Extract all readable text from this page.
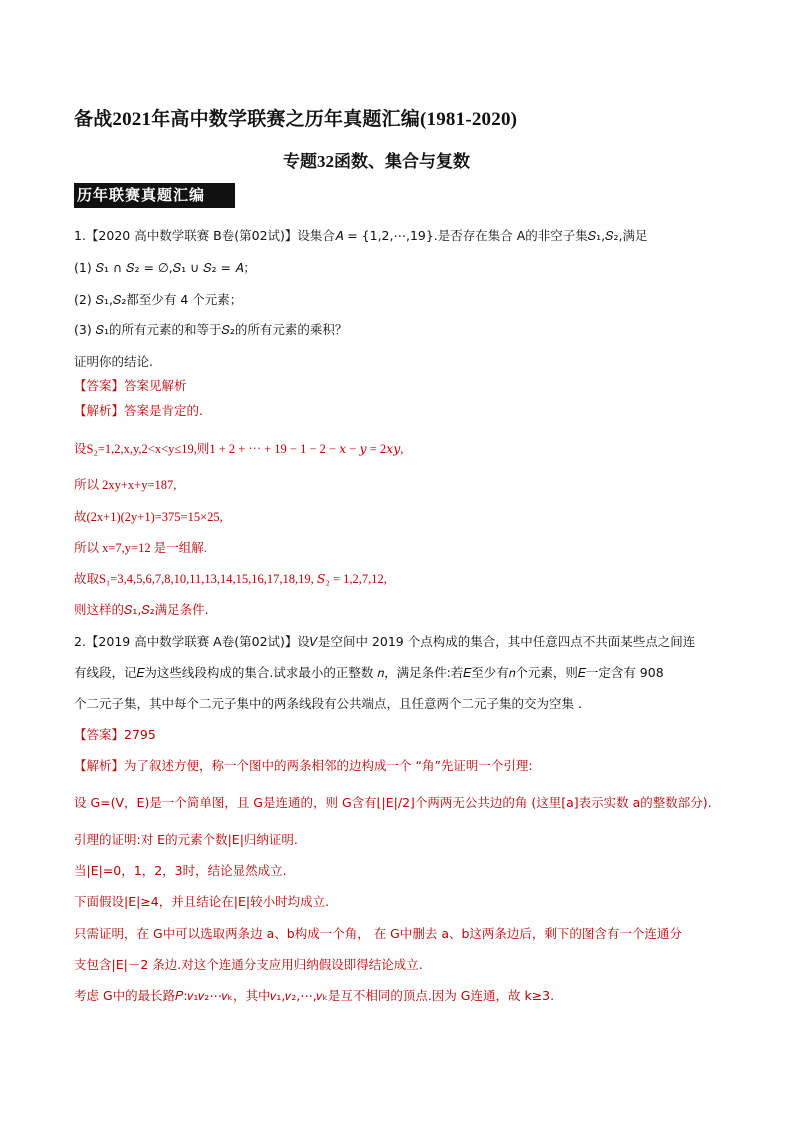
备战2021年高中数学联赛之历年真题汇编(1981-2020)
专题32函数、集合与复数
历年联赛真题汇编
1.【2020 高中数学联赛 B卷(第02试)】设集合𝐴 = {1,2,⋯,19}.是否存在集合 A的非空子集𝑆₁,𝑆₂,满足
(1) 𝑆₁ ∩ 𝑆₂ = ∅,𝑆₁ ∪ 𝑆₂ = 𝐴；
(2) 𝑆₁,𝑆₂都至少有 4 个元素；
(3) 𝑆₁的所有元素的和等于𝑆₂的所有元素的乘积？
证明你的结论.
【答案】答案见解析
【解析】答案是肯定的.
设S₂=1,2,x,y,2<x<y≤19,则1 + 2 + ⋯ + 19 − 1 − 2 − 𝑥 − 𝑦 = 2𝑥𝑦,
所以 2xy+x+y=187,
故(2x+1)(2y+1)=375=15×25,
所以 x=7,y=12 是一组解.
故取S₁=3,4,5,6,7,8,10,11,13,14,15,16,17,18,19, 𝑆₂ = 1,2,7,12,
则这样的𝑆₁,𝑆₂满足条件.
2.【2019 高中数学联赛 A卷(第02试)】设𝑉是空间中 2019 个点构成的集合，其中任意四点不共面某些点之间连
有线段，记𝐸为这些线段构成的集合.试求最小的正整数 𝑛，满足条件:若𝐸至少有𝑛个元素，则𝐸一定含有 908
个二元子集，其中每个二元子集中的两条线段有公共端点，且任意两个二元子集的交为空集 .
【答案】2795
【解析】为了叙述方便，称一个图中的两条相邻的边构成一个 “角”先证明一个引理:
设 G=(V，E)是一个简单图，且 G是连通的，则 G含有⌊|E|/2⌋个两两无公共边的角 (这里[a]表示实数 a的整数部分).
引理的证明:对 E的元素个数|E|归纳证明.
当|E|=0，1，2，3时，结论显然成立.
下面假设|E|≥4，并且结论在|E|较小时均成立.
只需证明，在 G中可以选取两条边 a、b构成一个角， 在 G中删去 a、b这两条边后，剩下的图含有一个连通分
支包含|E|－2 条边.对这个连通分支应用归纳假设即得结论成立.
考虑 G中的最长路𝑃:𝑣₁𝑣₂⋯𝑣ₖ，其中𝑣₁,𝑣₂,⋯,𝑣ₖ是互不相同的顶点.因为 G连通，故 k≥3.
